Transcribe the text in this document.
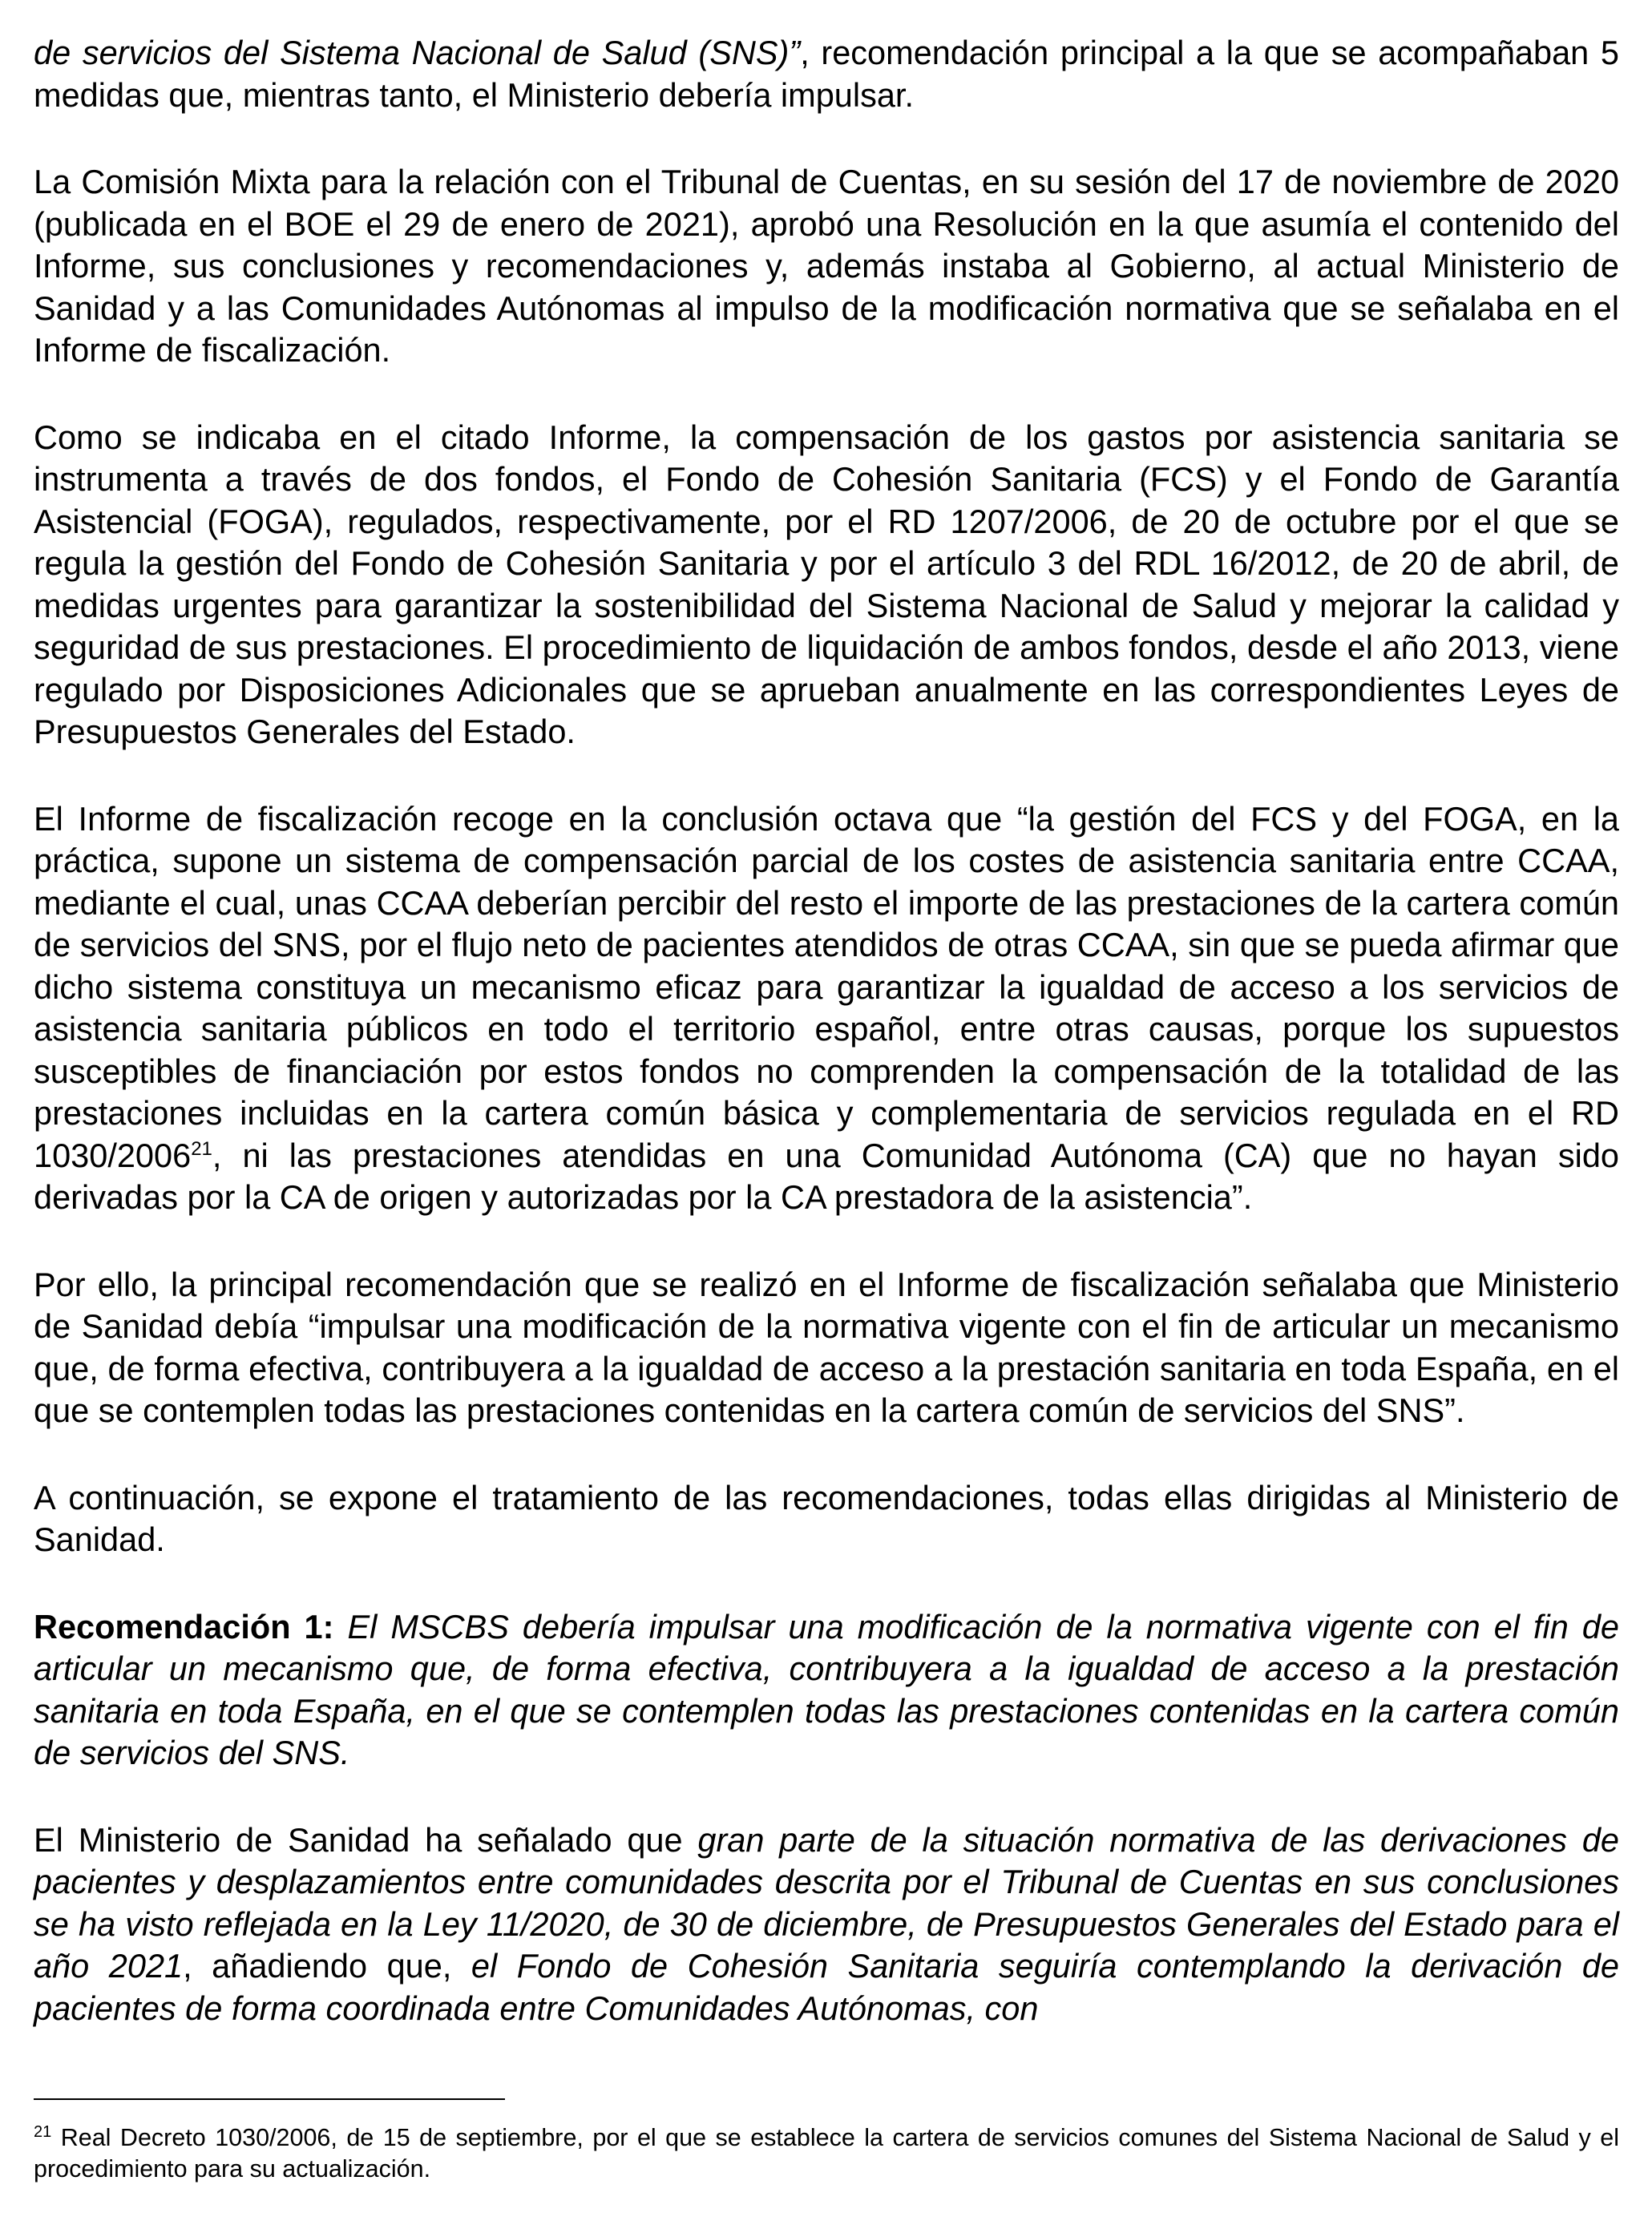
de servicios del Sistema Nacional de Salud (SNS)”, recomendación principal a la que se acompañaban 5 medidas que, mientras tanto, el Ministerio debería impulsar.

La Comisión Mixta para la relación con el Tribunal de Cuentas, en su sesión del 17 de noviembre de 2020 (publicada en el BOE el 29 de enero de 2021), aprobó una Resolución en la que asumía el contenido del Informe, sus conclusiones y recomendaciones y, además instaba al Gobierno, al actual Ministerio de Sanidad y a las Comunidades Autónomas al impulso de la modificación normativa que se señalaba en el Informe de fiscalización.

Como se indicaba en el citado Informe, la compensación de los gastos por asistencia sanitaria se instrumenta a través de dos fondos, el Fondo de Cohesión Sanitaria (FCS) y el Fondo de Garantía Asistencial (FOGA), regulados, respectivamente, por el RD 1207/2006, de 20 de octubre por el que se regula la gestión del Fondo de Cohesión Sanitaria y por el artículo 3 del RDL 16/2012, de 20 de abril, de medidas urgentes para garantizar la sostenibilidad del Sistema Nacional de Salud y mejorar la calidad y seguridad de sus prestaciones. El procedimiento de liquidación de ambos fondos, desde el año 2013, viene regulado por Disposiciones Adicionales que se aprueban anualmente en las correspondientes Leyes de Presupuestos Generales del Estado.

El Informe de fiscalización recoge en la conclusión octava que “la gestión del FCS y del FOGA, en la práctica, supone un sistema de compensación parcial de los costes de asistencia sanitaria entre CCAA, mediante el cual, unas CCAA deberían percibir del resto el importe de las prestaciones de la cartera común de servicios del SNS, por el flujo neto de pacientes atendidos de otras CCAA, sin que se pueda afirmar que dicho sistema constituya un mecanismo eficaz para garantizar la igualdad de acceso a los servicios de asistencia sanitaria públicos en todo el territorio español, entre otras causas, porque los supuestos susceptibles de financiación por estos fondos no comprenden la compensación de la totalidad de las prestaciones incluidas en la cartera común básica y complementaria de servicios regulada en el RD 1030/2006$^{21}$, ni las prestaciones atendidas en una Comunidad Autónoma (CA) que no hayan sido derivadas por la CA de origen y autorizadas por la CA prestadora de la asistencia”.

Por ello, la principal recomendación que se realizó en el Informe de fiscalización señalaba que Ministerio de Sanidad debía “impulsar una modificación de la normativa vigente con el fin de articular un mecanismo que, de forma efectiva, contribuyera a la igualdad de acceso a la prestación sanitaria en toda España, en el que se contemplen todas las prestaciones contenidas en la cartera común de servicios del SNS”.

A continuación, se expone el tratamiento de las recomendaciones, todas ellas dirigidas al Ministerio de Sanidad.

Recomendación 1: El MSCBS debería impulsar una modificación de la normativa vigente con el fin de articular un mecanismo que, de forma efectiva, contribuyera a la igualdad de acceso a la prestación sanitaria en toda España, en el que se contemplen todas las prestaciones contenidas en la cartera común de servicios del SNS.

El Ministerio de Sanidad ha señalado que gran parte de la situación normativa de las derivaciones de pacientes y desplazamientos entre comunidades descrita por el Tribunal de Cuentas en sus conclusiones se ha visto reflejada en la Ley 11/2020, de 30 de diciembre, de Presupuestos Generales del Estado para el año 2021, añadiendo que, el Fondo de Cohesión Sanitaria seguiría contemplando la derivación de pacientes de forma coordinada entre Comunidades Autónomas, con

$^{21}$ Real Decreto 1030/2006, de 15 de septiembre, por el que se establece la cartera de servicios comunes del Sistema Nacional de Salud y el procedimiento para su actualización.
